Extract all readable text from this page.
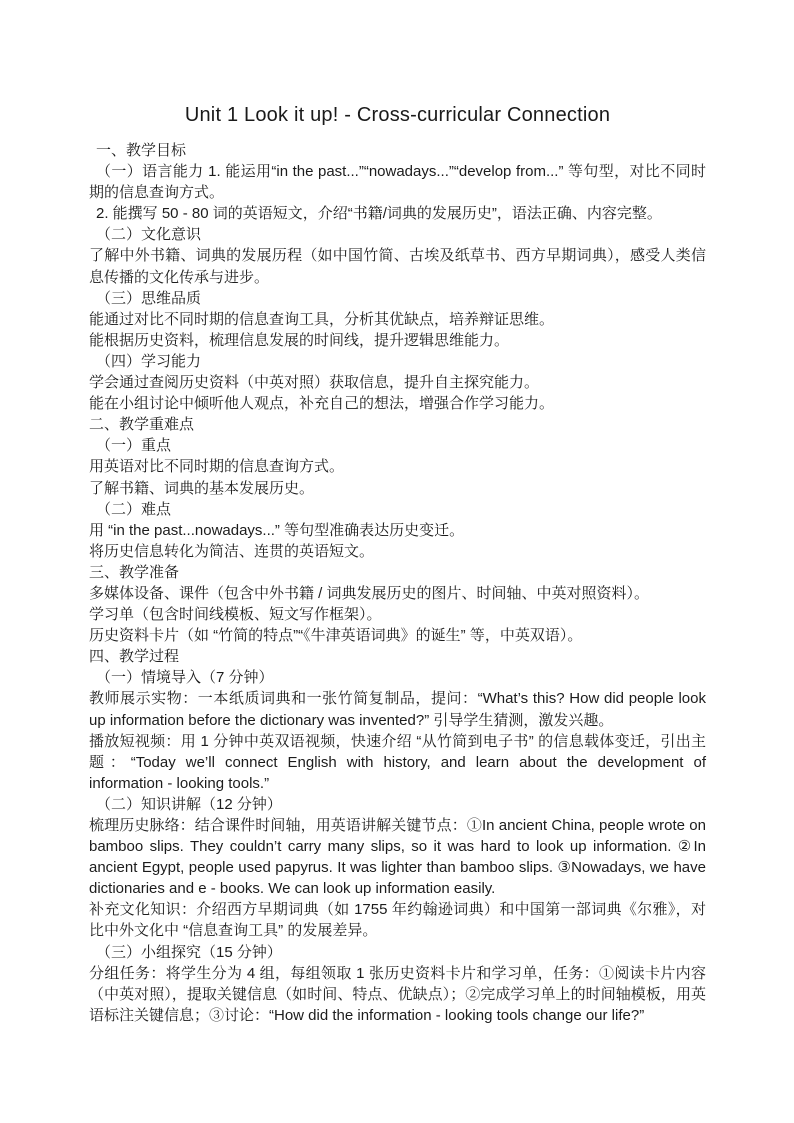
Unit 1 Look it up! - Cross-curricular Connection

一、教学目标

（一）语言能力 1. 能运用“in the past...”“nowadays...”“develop from...” 等句型，对比不同时期的信息查询方式。

2. 能撰写 50 - 80 词的英语短文，介绍“书籍/词典的发展历史”，语法正确、内容完整。

（二）文化意识

了解中外书籍、词典的发展历程（如中国竹简、古埃及纸草书、西方早期词典），感受人类信息传播的文化传承与进步。

（三）思维品质

能通过对比不同时期的信息查询工具，分析其优缺点，培养辩证思维。

能根据历史资料，梳理信息发展的时间线，提升逻辑思维能力。

（四）学习能力

学会通过查阅历史资料（中英对照）获取信息，提升自主探究能力。

能在小组讨论中倾听他人观点，补充自己的想法，增强合作学习能力。

二、教学重难点

（一）重点

用英语对比不同时期的信息查询方式。

了解书籍、词典的基本发展历史。

（二）难点

用 “in the past...nowadays...” 等句型准确表达历史变迁。

将历史信息转化为简洁、连贯的英语短文。

三、教学准备

多媒体设备、课件（包含中外书籍 / 词典发展历史的图片、时间轴、中英对照资料）。

学习单（包含时间线模板、短文写作框架）。

历史资料卡片（如 “竹简的特点”“《牛津英语词典》的诞生” 等，中英双语）。

四、教学过程

（一）情境导入（7 分钟）

教师展示实物：一本纸质词典和一张竹简复制品，提问：“What’s this? How did people look up information before the dictionary was invented?” 引导学生猜测，激发兴趣。

播放短视频：用 1 分钟中英双语视频，快速介绍 “从竹简到电子书” 的信息载体变迁，引出主题：“Today we’ll connect English with history, and learn about the development of information - looking tools.”

（二）知识讲解（12 分钟）

梳理历史脉络：结合课件时间轴，用英语讲解关键节点：①In ancient China, people wrote on bamboo slips. They couldn’t carry many slips, so it was hard to look up information. ②In ancient Egypt, people used papyrus. It was lighter than bamboo slips. ③Nowadays, we have dictionaries and e - books. We can look up information easily.

补充文化知识：介绍西方早期词典（如 1755 年约翰逊词典）和中国第一部词典《尔雅》，对比中外文化中 “信息查询工具” 的发展差异。

（三）小组探究（15 分钟）

分组任务：将学生分为 4 组，每组领取 1 张历史资料卡片和学习单，任务：①阅读卡片内容（中英对照），提取关键信息（如时间、特点、优缺点）；②完成学习单上的时间轴模板，用英语标注关键信息；③讨论：“How did the information - looking tools change our life?”
